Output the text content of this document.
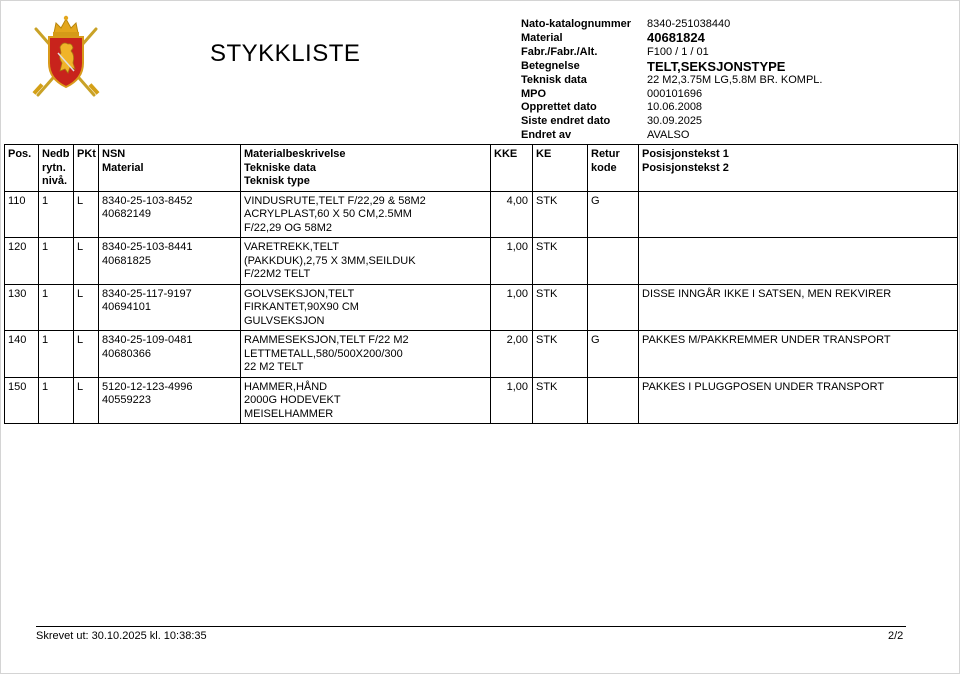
STYKKLISTE
Nato-katalognummer	8340-251038440
Material	40681824
Fabr./Fabr./Alt.	F100 / 1 / 01
Betegnelse	TELT,SEKSJONSTYPE
Teknisk data	22 M2,3.75M LG,5.8M BR. KOMPL.
MPO	000101696
Opprettet dato	10.06.2008
Siste endret dato	30.09.2025
Endret av	AVALSO
Pos.	Nedb
rytn.
nivå.	PKt	NSN
Material	Materialbeskrivelse
Tekniske data
Teknisk type	KKE	KE	Retur
kode	Posisjonstekst 1
Posisjonstekst 2

110	1	L	8340-25-103-8452
40682149	VINDUSRUTE,TELT F/22,29 & 58M2
ACRYLPLAST,60 X 50 CM,2.5MM
F/22,29 OG 58M2	4,00	STK	G	
120	1	L	8340-25-103-8441
40681825	VARETREKK,TELT
(PAKKDUK),2,75 X 3MM,SEILDUK
F/22M2 TELT	1,00	STK		
130	1	L	8340-25-117-9197
40694101	GOLVSEKSJON,TELT
FIRKANTET,90X90 CM
GULVSEKSJON	1,00	STK		DISSE INNGÅR IKKE I SATSEN, MEN REKVIRER
140	1	L	8340-25-109-0481
40680366	RAMMESEKSJON,TELT F/22 M2
LETTMETALL,580/500X200/300
22 M2 TELT	2,00	STK	G	PAKKES M/PAKKREMMER UNDER TRANSPORT
150	1	L	5120-12-123-4996
40559223	HAMMER,HÅND
2000G HODEVEKT
MEISELHAMMER	1,00	STK		PAKKES I PLUGGPOSEN UNDER TRANSPORT
Skrevet ut: 30.10.2025 kl. 10:38:35	2/2
